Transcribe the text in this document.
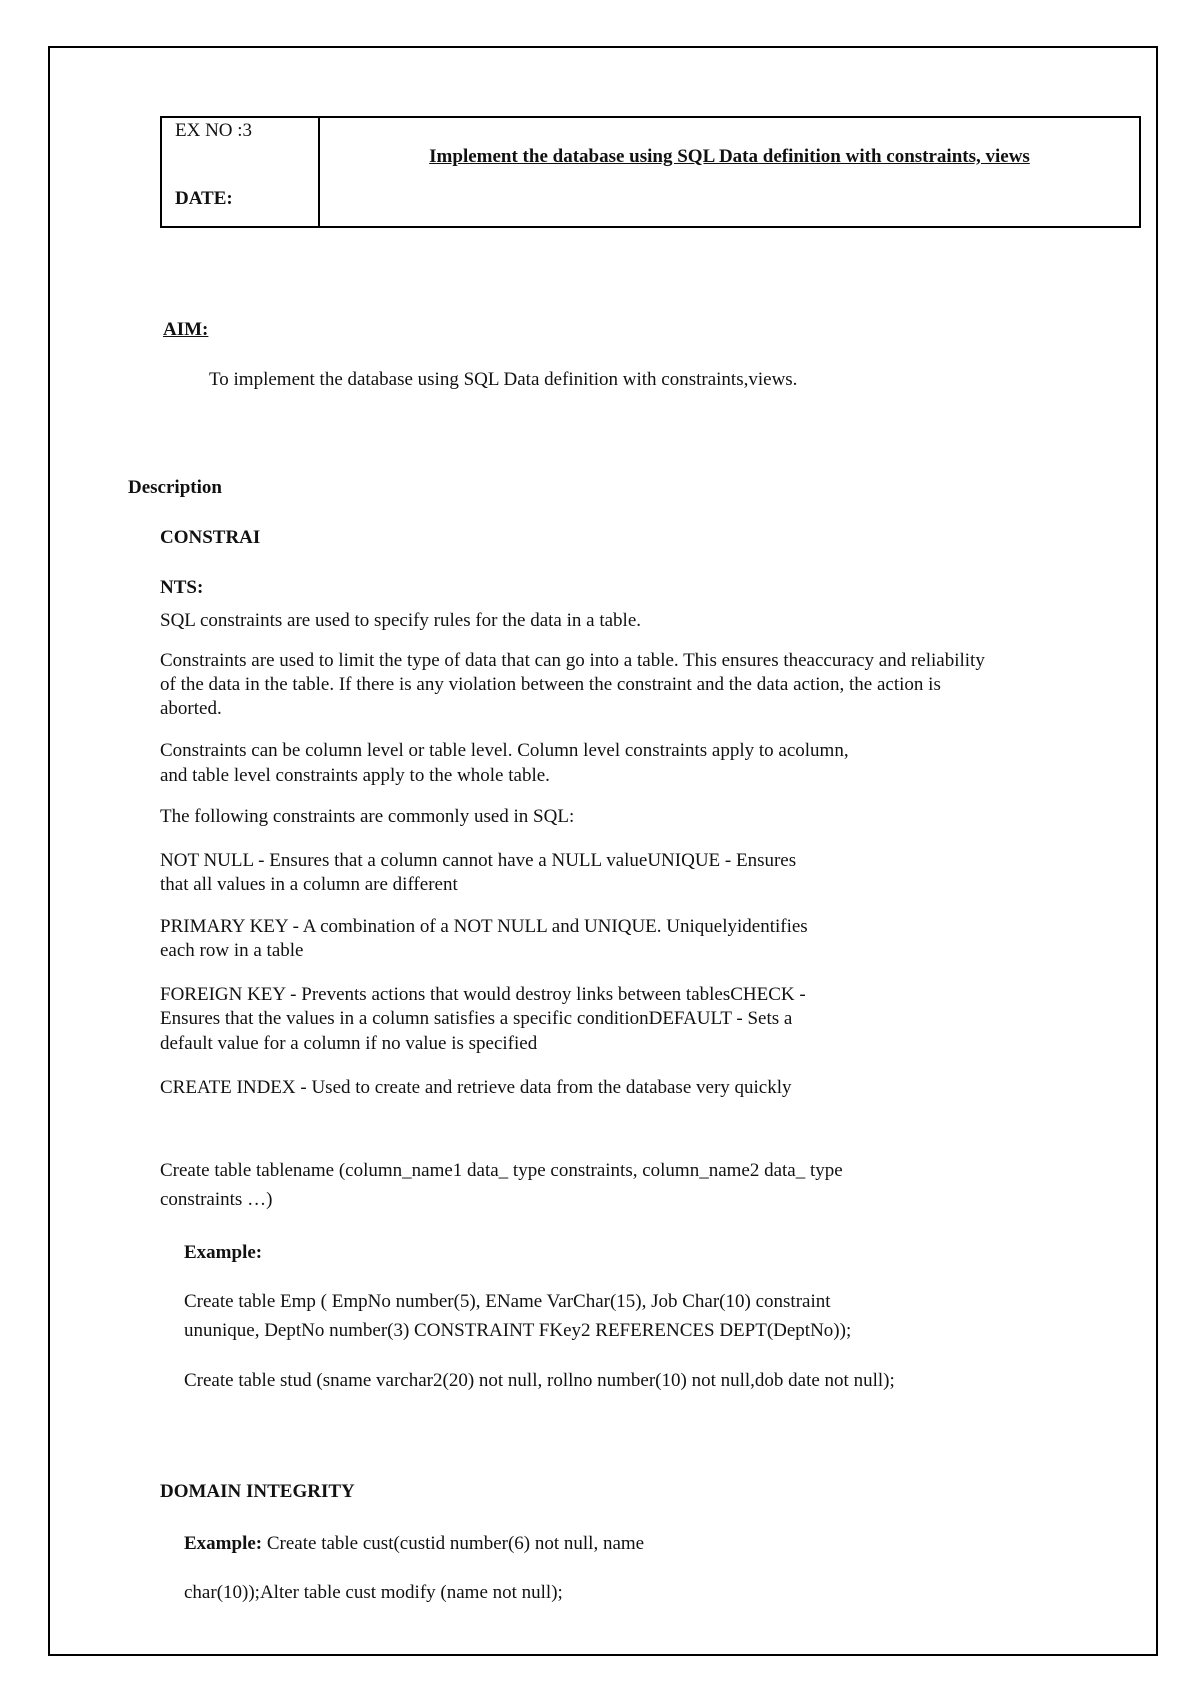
EX NO :3
DATE:
Implement the database using SQL Data definition with constraints, views
AIM:
To implement the database using SQL Data definition with constraints,views.
Description
CONSTRAI
NTS:
SQL constraints are used to specify rules for the data in a table.
Constraints are used to limit the type of data that can go into a table. This ensures theaccuracy and reliability
of the data in the table. If there is any violation between the constraint and the data action, the action is
aborted.
Constraints can be column level or table level. Column level constraints apply to acolumn,
and table level constraints apply to the whole table.
The following constraints are commonly used in SQL:
NOT NULL - Ensures that a column cannot have a NULL valueUNIQUE - Ensures
that all values in a column are different
PRIMARY KEY - A combination of a NOT NULL and UNIQUE. Uniquelyidentifies
each row in a table
FOREIGN KEY - Prevents actions that would destroy links between tablesCHECK -
Ensures that the values in a column satisfies a specific conditionDEFAULT - Sets a
default value for a column if no value is specified
CREATE INDEX - Used to create and retrieve data from the database very quickly
Create table tablename (column_name1 data_ type constraints, column_name2 data_ type
constraints …)
Example:
Create table Emp ( EmpNo number(5), EName VarChar(15), Job Char(10) constraint
ununique, DeptNo number(3) CONSTRAINT FKey2 REFERENCES DEPT(DeptNo));
Create table stud (sname varchar2(20) not null, rollno number(10) not null,dob date not null);
DOMAIN INTEGRITY
Example: Create table cust(custid number(6) not null, name
char(10));Alter table cust modify (name not null);
